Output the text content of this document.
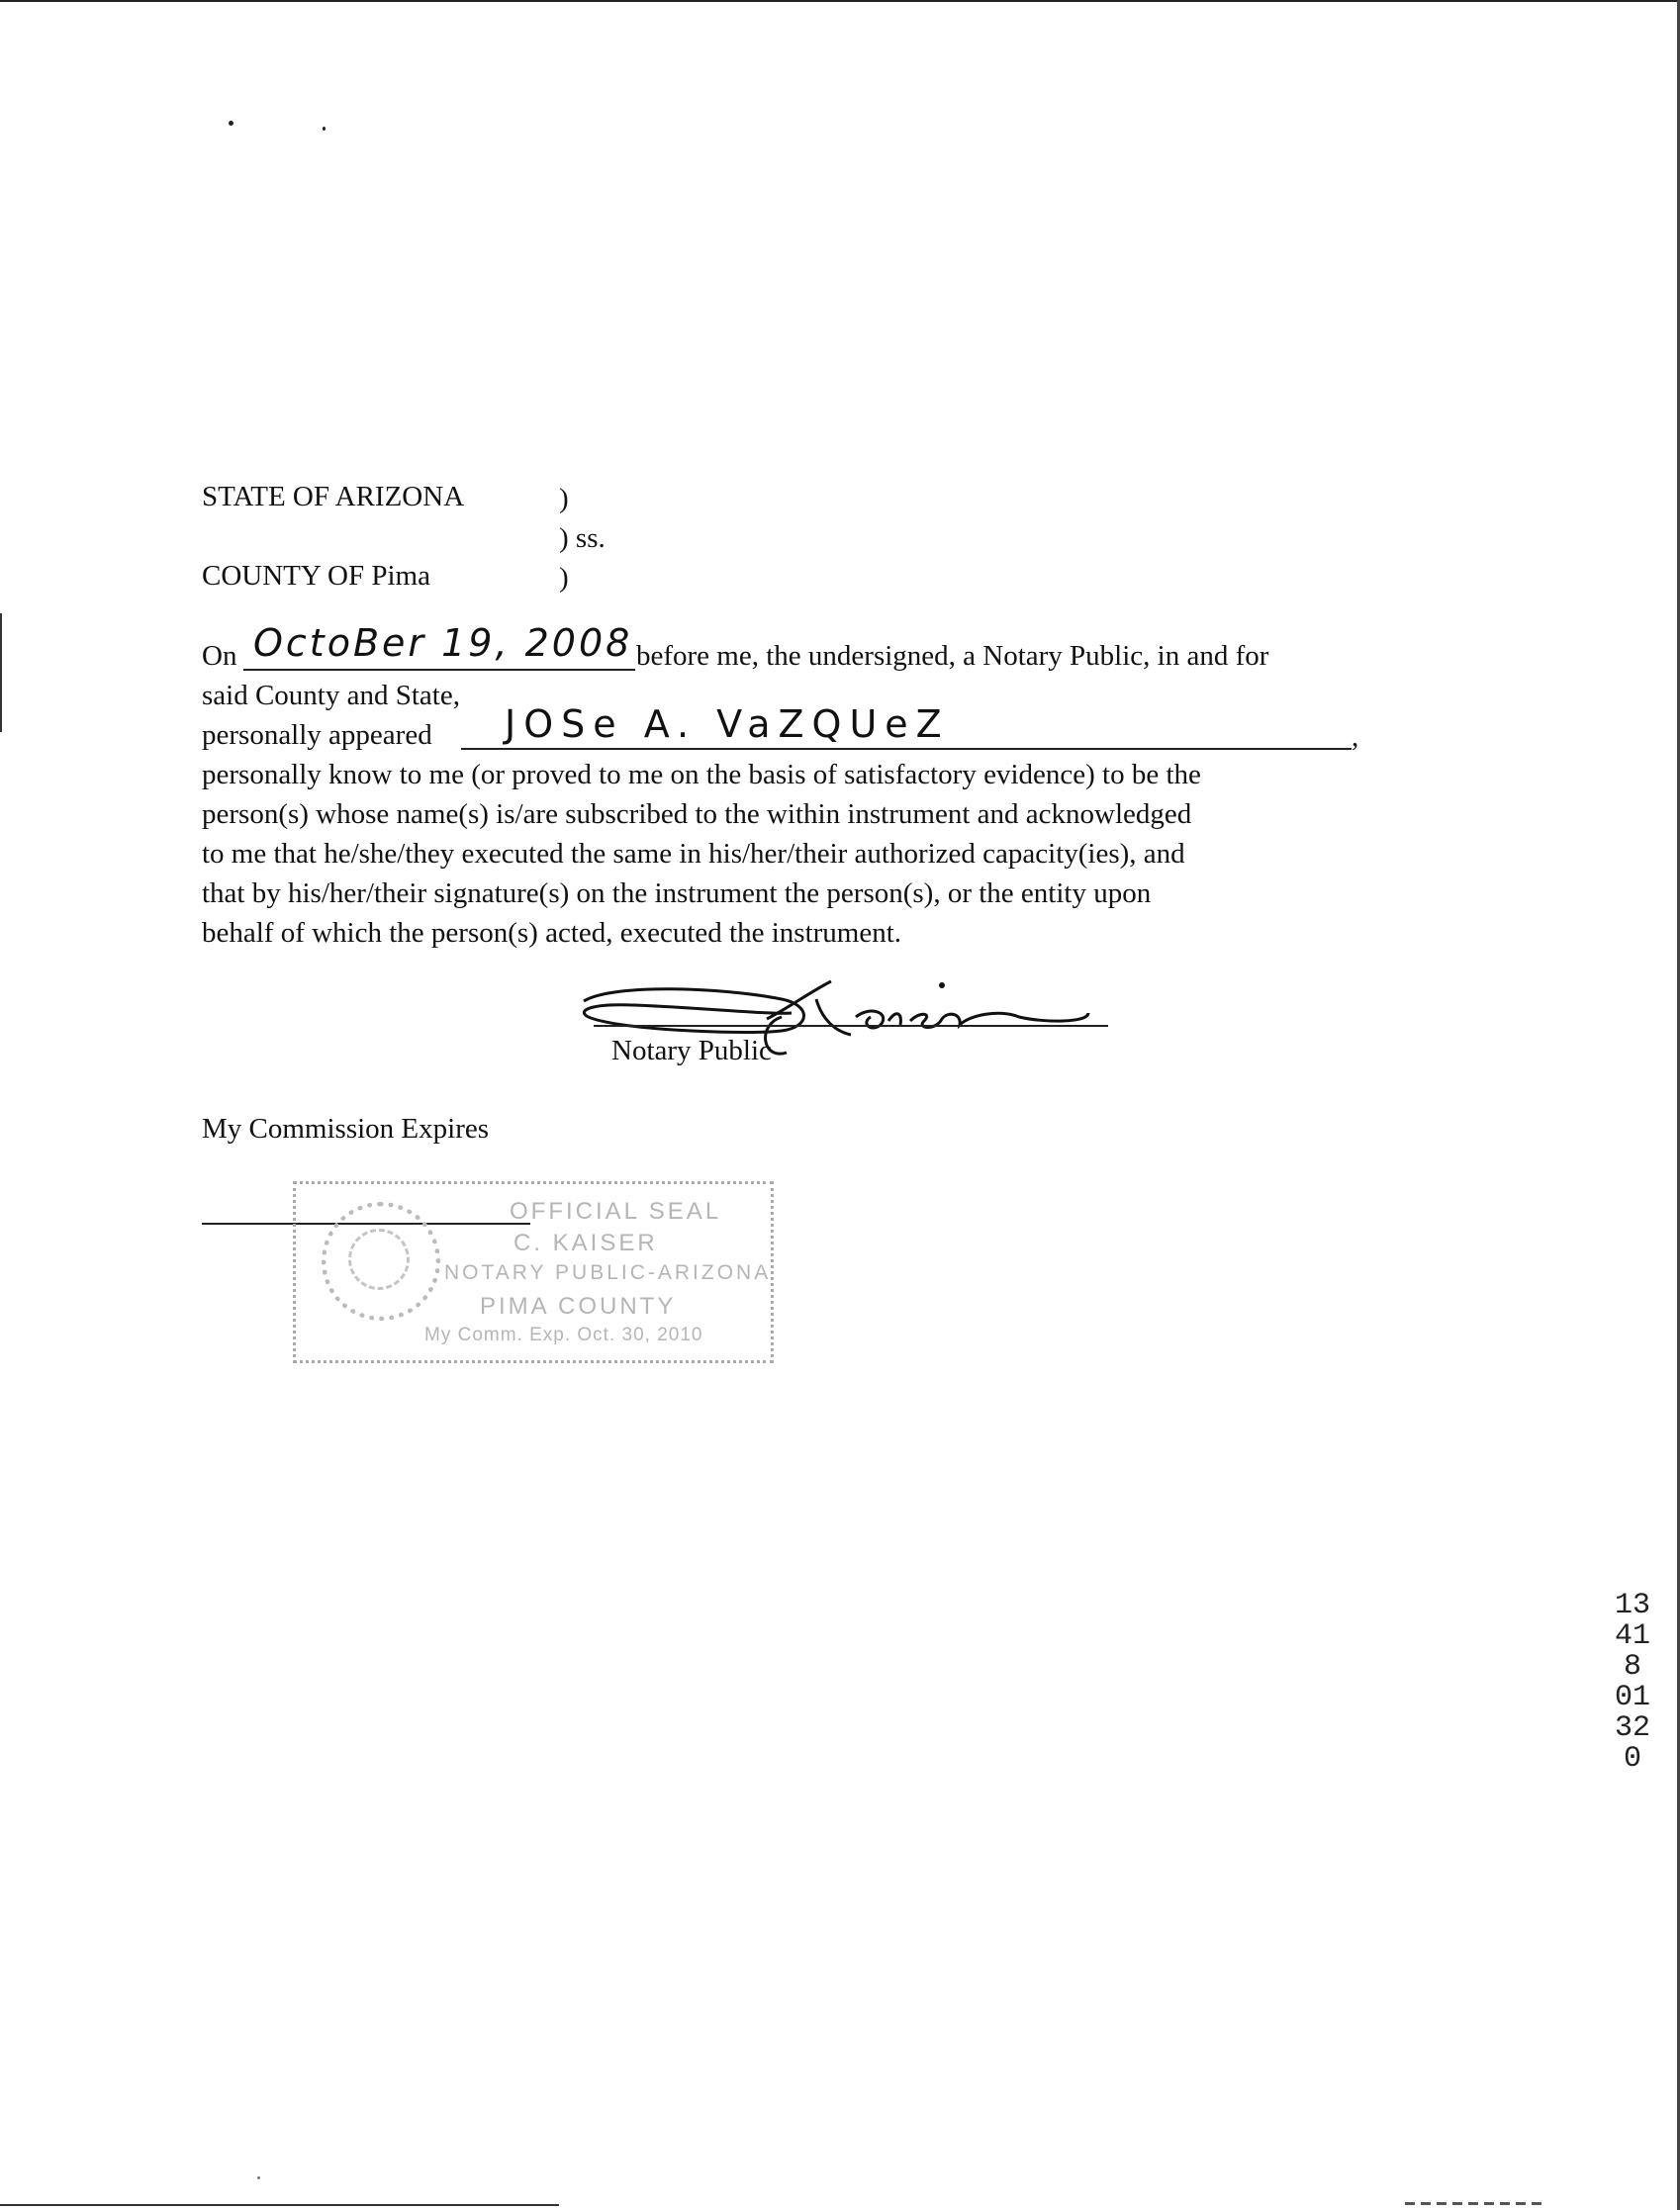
STATE OF ARIZONA	)
) ss.
COUNTY OF Pima	)
On OctoBer 19, 2008 before me, the undersigned, a Notary Public, in and for
said County and State,
personally appeared JOSe A. VaZQUeZ	,
personally know to me (or proved to me on the basis of satisfactory evidence) to be the
person(s) whose name(s) is/are subscribed to the within instrument and acknowledged
to me that he/she/they executed the same in his/her/their authorized capacity(ies), and
that by his/her/their signature(s) on the instrument the person(s), or the entity upon
behalf of which the person(s) acted, executed the instrument.
Notary Public
My Commission Expires
OFFICIAL SEAL
C. KAISER
NOTARY PUBLIC-ARIZONA
PIMA COUNTY
My Comm. Exp. Oct. 30, 2010
13418 01320
